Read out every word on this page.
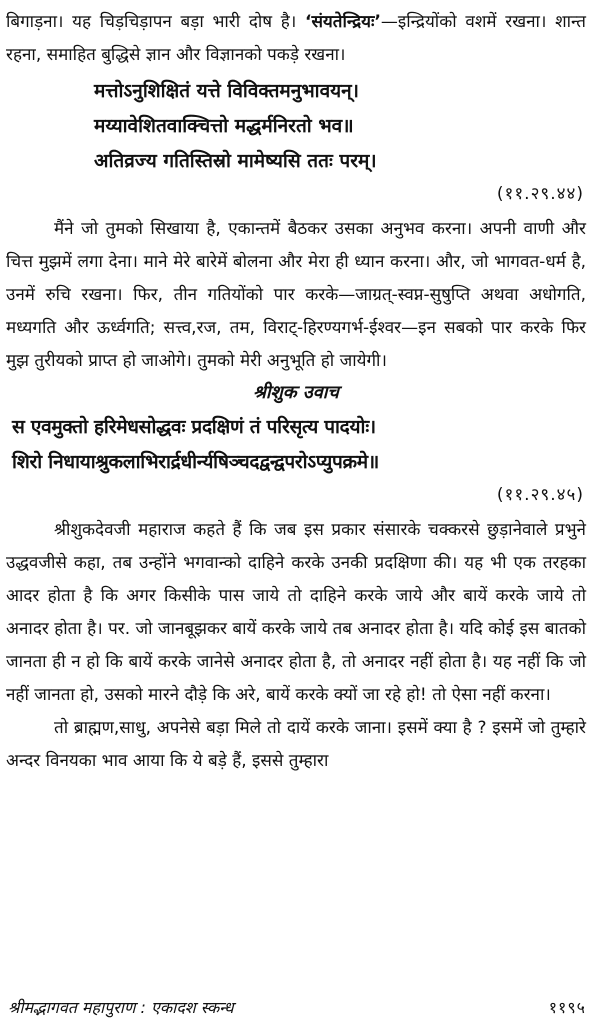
बिगाड़ना। यह चिड़चिड़ापन बड़ा भारी दोष है। ‘संयतेन्द्रियः’—इन्द्रियोंको वशमें रखना। शान्त रहना, समाहित बुद्धिसे ज्ञान और विज्ञानको पकड़े रखना।

मत्तोऽनुशिक्षितं यत्ते विविक्तमनुभावयन्।

मय्यावेशितवाक्चित्तो मद्धर्मनिरतो भव॥

अतिव्रज्य गतिस्तिस्रो मामेष्यसि ततः परम्।

(११.२९.४४)

मैंने जो तुमको सिखाया है, एकान्तमें बैठकर उसका अनुभव करना। अपनी वाणी और चित्त मुझमें लगा देना। माने मेरे बारेमें बोलना और मेरा ही ध्यान करना। और, जो भागवत-धर्म है, उनमें रुचि रखना। फिर, तीन गतियोंको पार करके—जाग्रत्-स्वप्न-सुषुप्ति अथवा अधोगति, मध्यगति और ऊर्ध्वगति; सत्त्व,रज, तम, विराट्-हिरण्यगर्भ-ईश्वर—इन सबको पार करके फिर मुझ तुरीयको प्राप्त हो जाओगे। तुमको मेरी अनुभूति हो जायेगी।

श्रीशुक उवाच

स एवमुक्तो हरिमेधसोद्धवः प्रदक्षिणं तं परिसृत्य पादयोः।

शिरो निधायाश्रुकलाभिरार्द्रधीर्न्यषिञ्चदद्वन्द्वपरोऽप्युपक्रमे॥

(११.२९.४५)

श्रीशुकदेवजी महाराज कहते हैं कि जब इस प्रकार संसारके चक्करसे छुड़ानेवाले प्रभुने उद्धवजीसे कहा, तब उन्होंने भगवान्को दाहिने करके उनकी प्रदक्षिणा की। यह भी एक तरहका आदर होता है कि अगर किसीके पास जाये तो दाहिने करके जाये और बायें करके जाये तो अनादर होता है। पर. जो जानबूझकर बायें करके जाये तब अनादर होता है। यदि कोई इस बातको जानता ही न हो कि बायें करके जानेसे अनादर होता है, तो अनादर नहीं होता है। यह नहीं कि जो नहीं जानता हो, उसको मारने दौड़े कि अरे, बायें करके क्यों जा रहे हो! तो ऐसा नहीं करना।

तो ब्राह्मण,साधु, अपनेसे बड़ा मिले तो दायें करके जाना। इसमें क्या है ? इसमें जो तुम्हारे अन्दर विनयका भाव आया कि ये बड़े हैं, इससे तुम्हारा

श्रीमद्भागवत महापुराण : एकादश स्कन्ध	११९५
